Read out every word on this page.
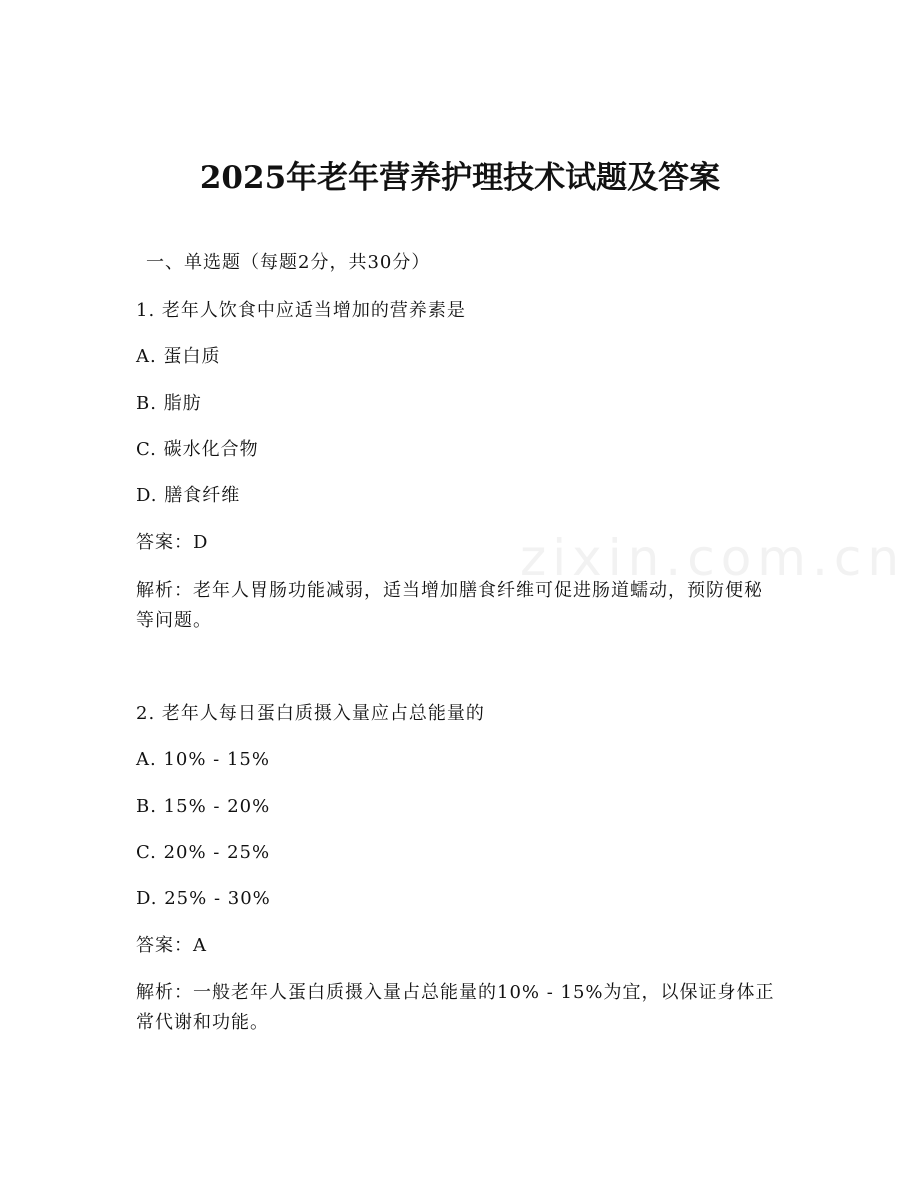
zixin.com.cn
2025年老年营养护理技术试题及答案
一、单选题（每题2分，共30分）
1. 老年人饮食中应适当增加的营养素是
A. 蛋白质
B. 脂肪
C. 碳水化合物
D. 膳食纤维
答案：D
解析：老年人胃肠功能减弱，适当增加膳食纤维可促进肠道蠕动，预防便秘等问题。
2. 老年人每日蛋白质摄入量应占总能量的
A. 10% - 15%
B. 15% - 20%
C. 20% - 25%
D. 25% - 30%
答案：A
解析：一般老年人蛋白质摄入量占总能量的10% - 15%为宜，以保证身体正常代谢和功能。
